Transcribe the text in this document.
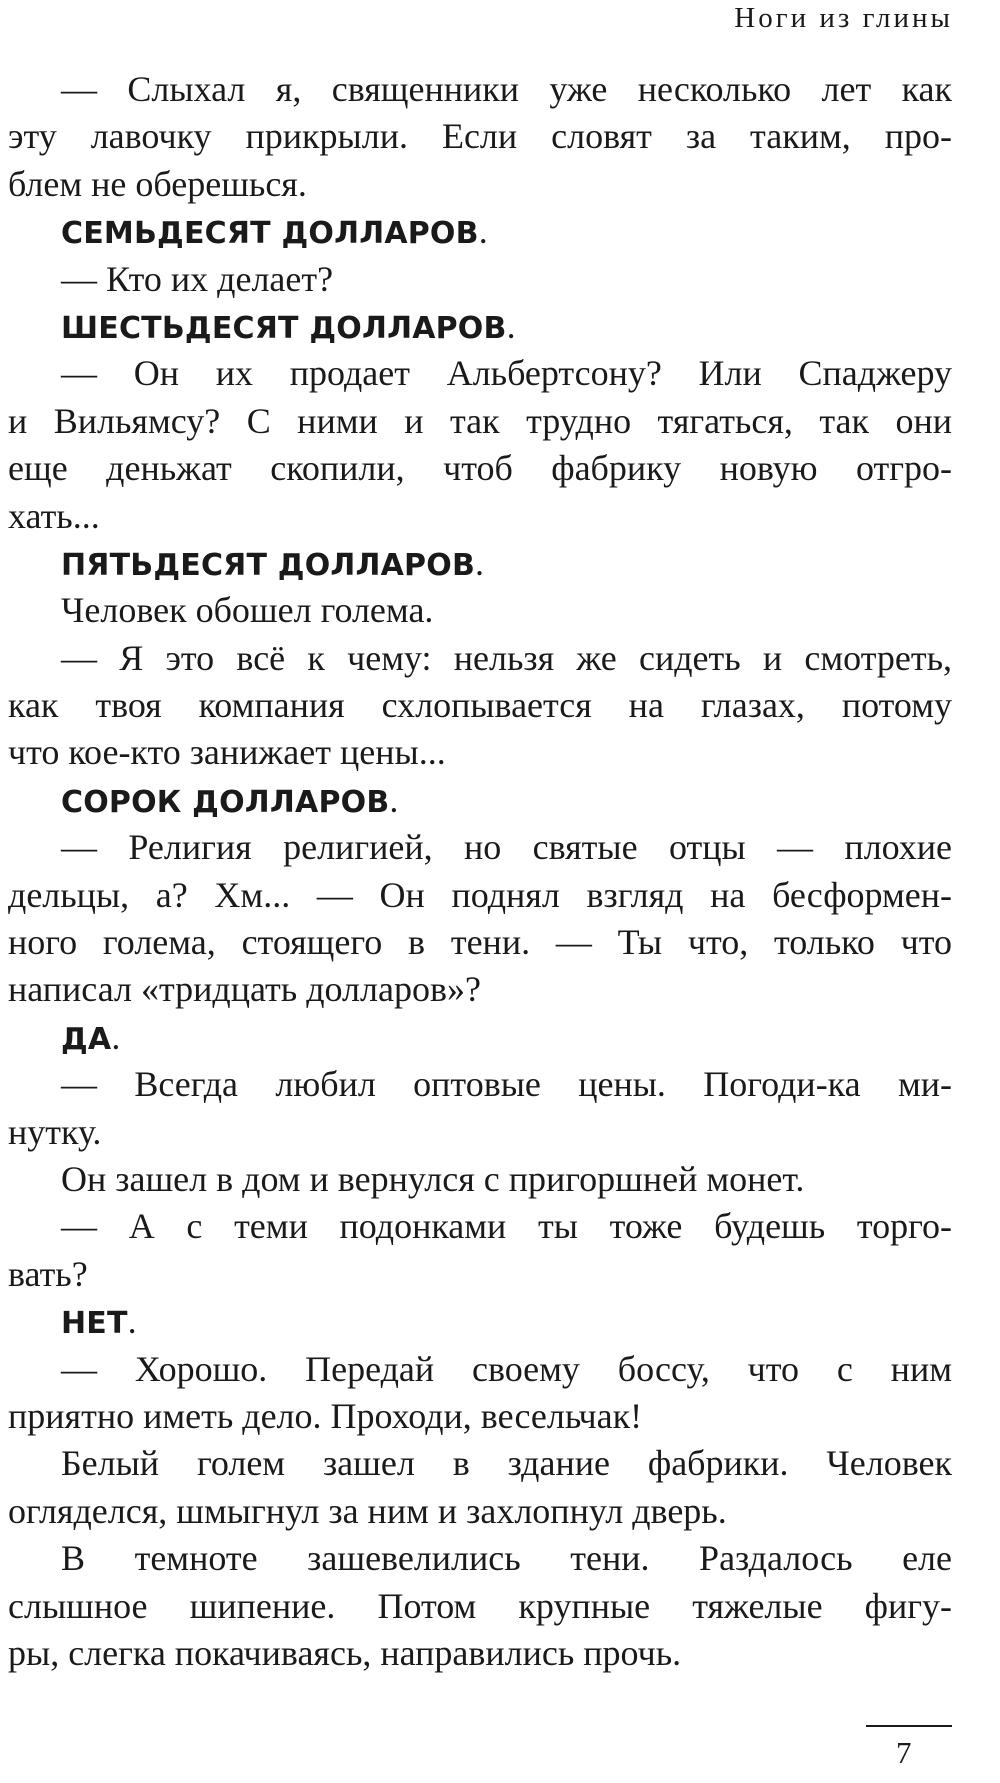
Ноги из глины
— Слыхал я, священники уже несколько лет как
эту лавочку прикрыли. Если словят за таким, про-
блем не оберешься.
СЕМЬДЕСЯТ ДОЛЛАРОВ.
— Кто их делает?
ШЕСТЬДЕСЯТ ДОЛЛАРОВ.
— Он их продает Альбертсону? Или Спаджеру
и Вильямсу? С ними и так трудно тягаться, так они
еще деньжат скопили, чтоб фабрику новую отгро-
хать...
ПЯТЬДЕСЯТ ДОЛЛАРОВ.
Человек обошел голема.
— Я это всё к чему: нельзя же сидеть и смотреть,
как твоя компания схлопывается на глазах, потому
что кое-кто занижает цены...
СОРОК ДОЛЛАРОВ.
— Религия религией, но святые отцы — плохие
дельцы, а? Хм... — Он поднял взгляд на бесформен-
ного голема, стоящего в тени. — Ты что, только что
написал «тридцать долларов»?
ДА.
— Всегда любил оптовые цены. Погоди-ка ми-
нутку.
Он зашел в дом и вернулся с пригоршней монет.
— А с теми подонками ты тоже будешь торго-
вать?
НЕТ.
— Хорошо. Передай своему боссу, что с ним
приятно иметь дело. Проходи, весельчак!
Белый голем зашел в здание фабрики. Человек
огляделся, шмыгнул за ним и захлопнул дверь.
В темноте зашевелились тени. Раздалось еле
слышное шипение. Потом крупные тяжелые фигу-
ры, слегка покачиваясь, направились прочь.
7
